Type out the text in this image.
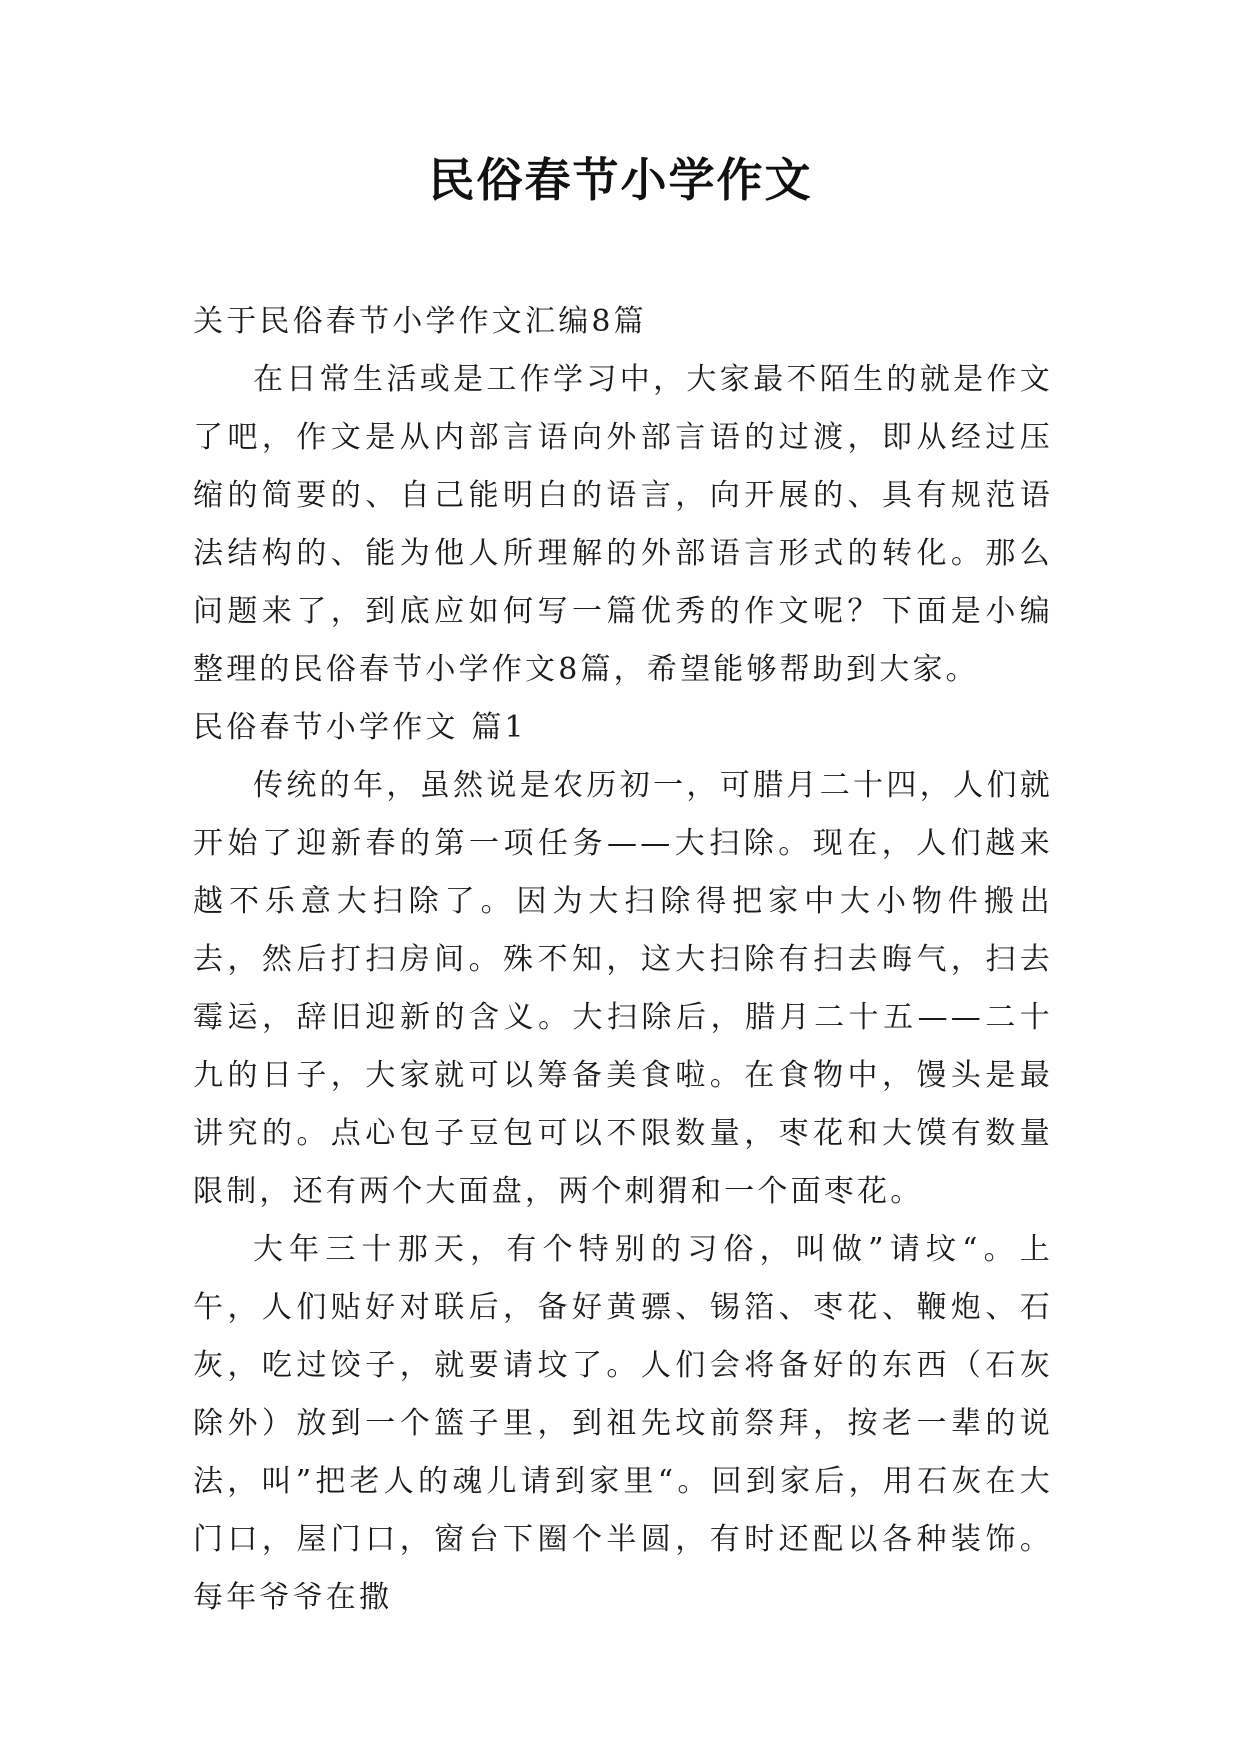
民俗春节小学作文

关于民俗春节小学作文汇编8篇

在日常生活或是工作学习中，大家最不陌生的就是作文了吧，作文是从内部言语向外部言语的过渡，即从经过压缩的简要的、自己能明白的语言，向开展的、具有规范语法结构的、能为他人所理解的外部语言形式的转化。那么问题来了，到底应如何写一篇优秀的作文呢？下面是小编整理的民俗春节小学作文8篇，希望能够帮助到大家。

民俗春节小学作文 篇1

传统的年，虽然说是农历初一，可腊月二十四，人们就开始了迎新春的第一项任务——大扫除。现在，人们越来越不乐意大扫除了。因为大扫除得把家中大小物件搬出去，然后打扫房间。殊不知，这大扫除有扫去晦气，扫去霉运，辞旧迎新的含义。大扫除后，腊月二十五——二十九的日子，大家就可以筹备美食啦。在食物中，馒头是最讲究的。点心包子豆包可以不限数量，枣花和大馍有数量限制，还有两个大面盘，两个刺猬和一个面枣花。

大年三十那天，有个特别的习俗，叫做”请坟“。上午，人们贴好对联后，备好黄骠、锡箔、枣花、鞭炮、石灰，吃过饺子，就要请坟了。人们会将备好的东西（石灰除外）放到一个篮子里，到祖先坟前祭拜，按老一辈的说法，叫”把老人的魂儿请到家里“。回到家后，用石灰在大门口，屋门口，窗台下圈个半圆，有时还配以各种装饰。每年爷爷在撒
